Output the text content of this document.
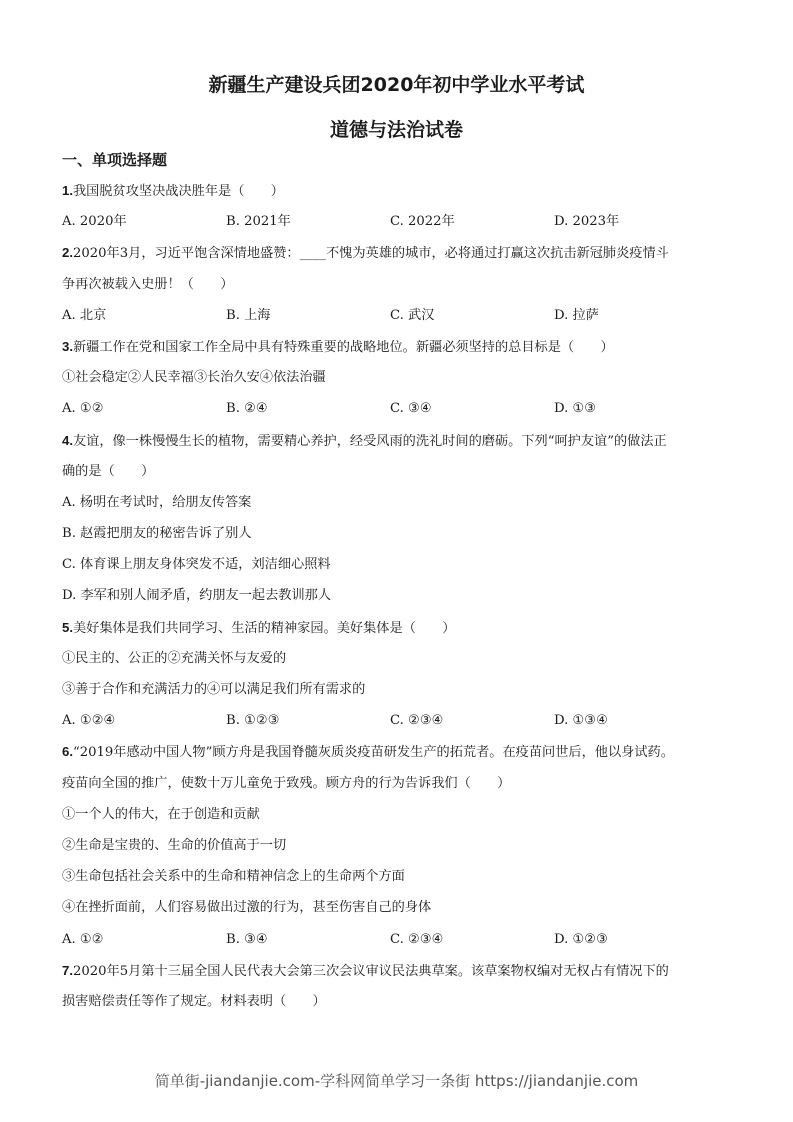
新疆生产建设兵团2020年初中学业水平考试
道德与法治试卷
一、单项选择题
1.我国脱贫攻坚决战决胜年是（　　）
A. 2020年	B. 2021年	C. 2022年	D. 2023年
2.2020年3月，习近平饱含深情地盛赞：____不愧为英雄的城市，必将通过打赢这次抗击新冠肺炎疫情斗
争再次被载入史册！（　　）
A. 北京	B. 上海	C. 武汉	D. 拉萨
3.新疆工作在党和国家工作全局中具有特殊重要的战略地位。新疆必须坚持的总目标是（　　）
①社会稳定②人民幸福③长治久安④依法治疆
A. ①②	B. ②④	C. ③④	D. ①③
4.友谊，像一株慢慢生长的植物，需要精心养护，经受风雨的洗礼时间的磨砺。下列“呵护友谊”的做法正
确的是（　　）
A. 杨明在考试时，给朋友传答案
B. 赵霞把朋友的秘密告诉了别人
C. 体育课上朋友身体突发不适，刘洁细心照料
D. 李军和别人闹矛盾，约朋友一起去教训那人
5.美好集体是我们共同学习、生活的精神家园。美好集体是（　　）
①民主的、公正的②充满关怀与友爱的
③善于合作和充满活力的④可以满足我们所有需求的
A. ①②④	B. ①②③	C. ②③④	D. ①③④
6.“2019年感动中国人物”顾方舟是我国脊髓灰质炎疫苗研发生产的拓荒者。在疫苗问世后，他以身试药。
疫苗向全国的推广，使数十万儿童免于致残。顾方舟的行为告诉我们（　　）
①一个人的伟大，在于创造和贡献
②生命是宝贵的、生命的价值高于一切
③生命包括社会关系中的生命和精神信念上的生命两个方面
④在挫折面前，人们容易做出过激的行为，甚至伤害自己的身体
A. ①②	B. ③④	C. ②③④	D. ①②③
7.2020年5月第十三届全国人民代表大会第三次会议审议民法典草案。该草案物权编对无权占有情况下的
损害赔偿责任等作了规定。材料表明（　　）
简单街-jiandanjie.com-学科网简单学习一条街 https://jiandanjie.com
